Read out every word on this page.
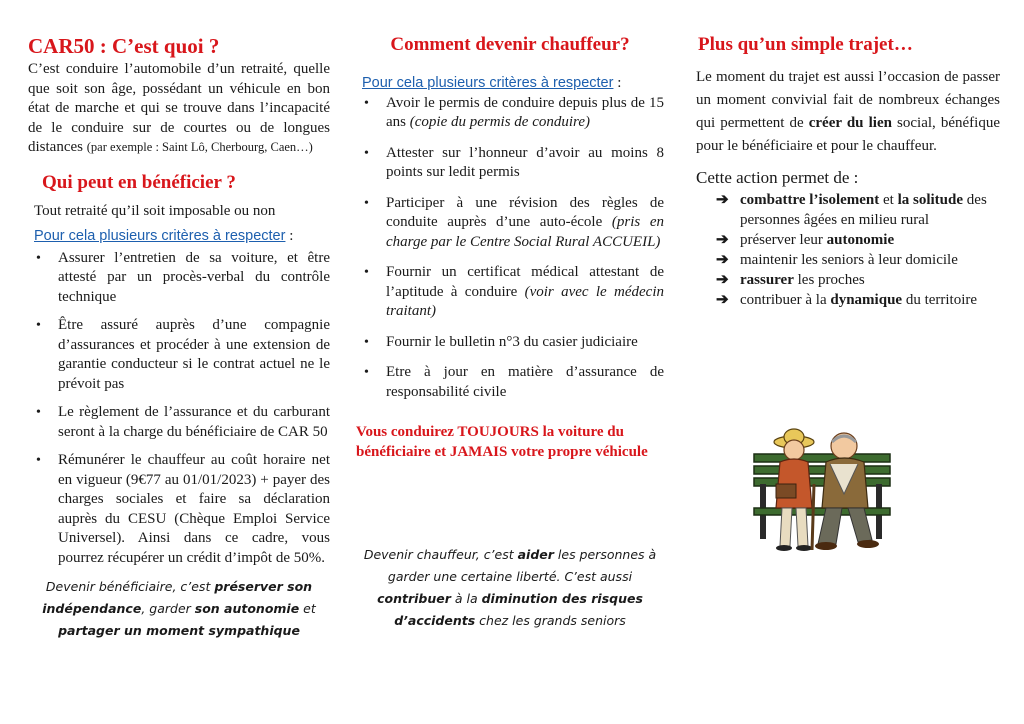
CAR50 : C’est quoi ?

C’est conduire l’automobile d’un retraité, quelle que soit son âge, possédant un véhicule en bon état de marche et qui se trouve dans l’incapacité de le conduire sur de courtes ou de longues distances (par exemple : Saint Lô, Cherbourg, Caen…)

Qui peut en bénéficier ?

Tout retraité qu’il soit imposable ou non

Pour cela plusieurs critères à respecter :

• Assurer l’entretien de sa voiture, et être attesté par un procès-verbal du contrôle technique
• Être assuré auprès d’une compagnie d’assurances et procéder à une extension de garantie conducteur si le contrat actuel ne le prévoit pas
• Le règlement de l’assurance et du carburant seront à la charge du bénéficiaire de CAR 50
• Rémunérer le chauffeur au coût horaire net en vigueur (9€77 au 01/01/2023) + payer des charges sociales et faire sa déclaration auprès du CESU (Chèque Emploi Service Universel). Ainsi dans ce cadre, vous pourrez récupérer un crédit d’impôt de 50%.

Devenir bénéficiaire, c’est préserver son indépendance, garder son autonomie et partager un moment sympathique

Comment devenir chauffeur?

Pour cela plusieurs critères à respecter :

• Avoir le permis de conduire depuis plus de 15 ans (copie du permis de conduire)
• Attester sur l’honneur d’avoir au moins 8 points sur ledit permis
• Participer à une révision des règles de conduite auprès d’une auto-école (pris en charge par le Centre Social Rural ACCUEIL)
• Fournir un certificat médical attestant de l’aptitude à conduire (voir avec le médecin traitant)
• Fournir le bulletin n°3 du casier judiciaire
• Etre à jour en matière d’assurance de responsabilité civile

Vous conduirez TOUJOURS la voiture du bénéficiaire et JAMAIS votre propre véhicule

Devenir chauffeur, c’est aider les personnes à garder une certaine liberté. C’est aussi contribuer à la diminution des risques d’accidents chez les grands seniors

Plus qu’un simple trajet…

Le moment du trajet est aussi l’occasion de passer un moment convivial fait de nombreux échanges qui permettent de créer du lien social, bénéfique pour le bénéficiaire et pour le chauffeur.

Cette action permet de :

➔ combattre l’isolement et la solitude des personnes âgées en milieu rural
➔ préserver leur autonomie
➔ maintenir les seniors à leur domicile
➔ rassurer les proches
➔ contribuer à la dynamique du territoire
